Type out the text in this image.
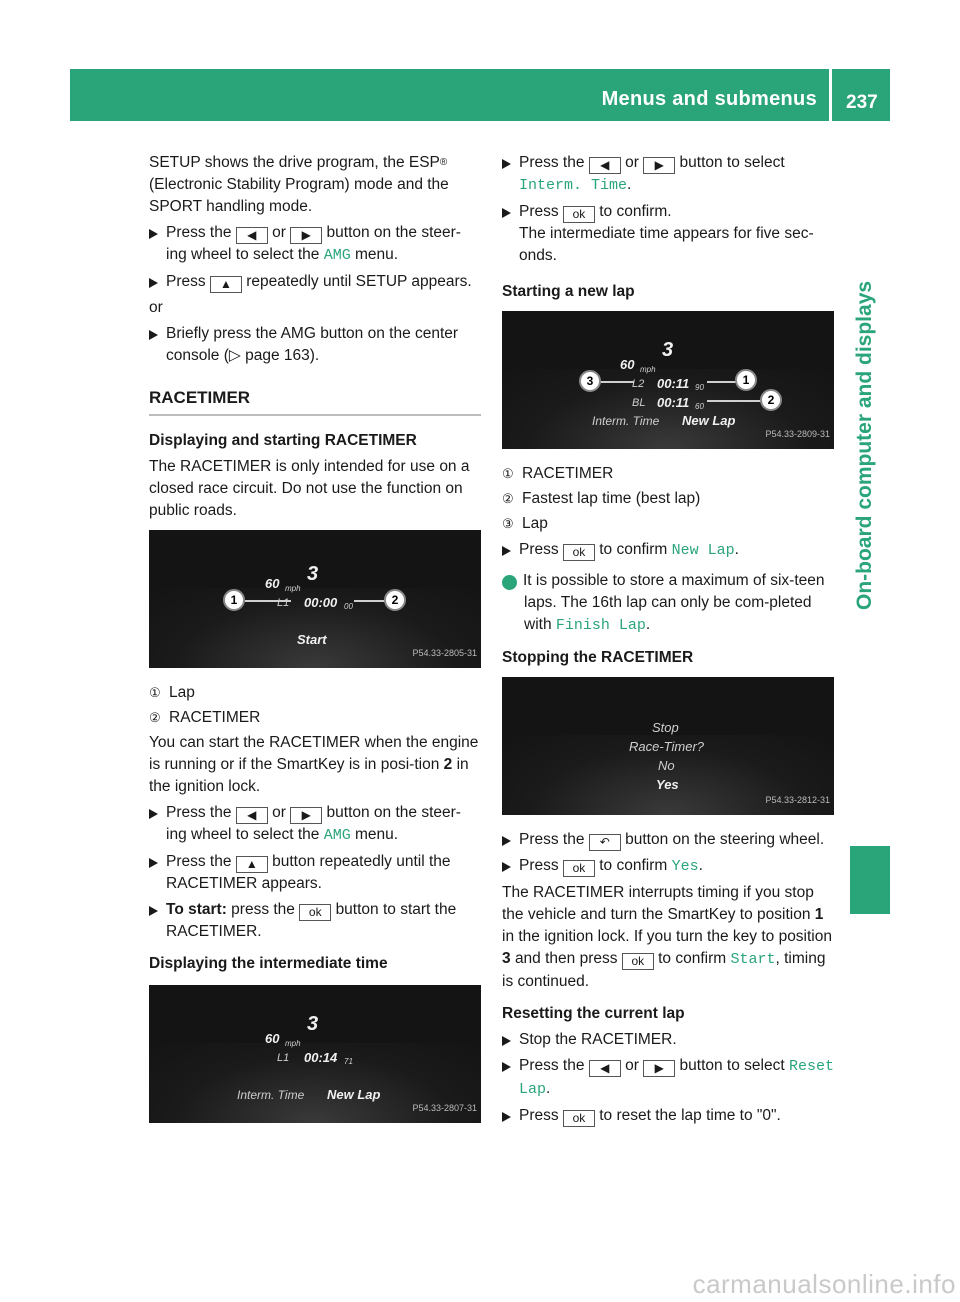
Menus and submenus 237
On-board computer and displays
SETUP shows the drive program, the ESP® (Electronic Stability Program) mode and the SPORT handling mode.
Press the ◀ or ▶ button on the steer-ing wheel to select the AMG menu.
Press ▲ repeatedly until SETUP appears.
or
Briefly press the AMG button on the center console (▷ page 163).
RACETIMER
Displaying and starting RACETIMER
The RACETIMER is only intended for use on a closed race circuit. Do not use the function on public roads.
60 mph
3
L1 00:00 00
1	2
Start
P54.33-2805-31
① Lap
② RACETIMER
You can start the RACETIMER when the engine is running or if the SmartKey is in posi-tion 2 in the ignition lock.
Press the ◀ or ▶ button on the steer-ing wheel to select the AMG menu.
Press the ▲ button repeatedly until the RACETIMER appears.
To start: press the ok button to start the RACETIMER.
Displaying the intermediate time
60 mph
3
L1 00:14 71
Interm. Time New Lap
P54.33-2807-31
Press the ◀ or ▶ button to select Interm. Time.
Press ok to confirm.
The intermediate time appears for five sec-onds.
Starting a new lap
60 mph
3
L2 00:11 90
BL 00:11 60
3	1
2
Interm. Time New Lap
P54.33-2809-31
① RACETIMER
② Fastest lap time (best lap)
③ Lap
Press ok to confirm New Lap.
i It is possible to store a maximum of six-teen laps. The 16th lap can only be com-pleted with Finish Lap.
Stopping the RACETIMER
Stop
Race-Timer?
No
Yes
P54.33-2812-31
Press the ↶ button on the steering wheel.
Press ok to confirm Yes.
The RACETIMER interrupts timing if you stop the vehicle and turn the SmartKey to position 1 in the ignition lock. If you turn the key to position 3 and then press ok to confirm Start, timing is continued.
Resetting the current lap
Stop the RACETIMER.
Press the ◀ or ▶ button to select Reset Lap.
Press ok to reset the lap time to "0".
carmanualsonline.info
